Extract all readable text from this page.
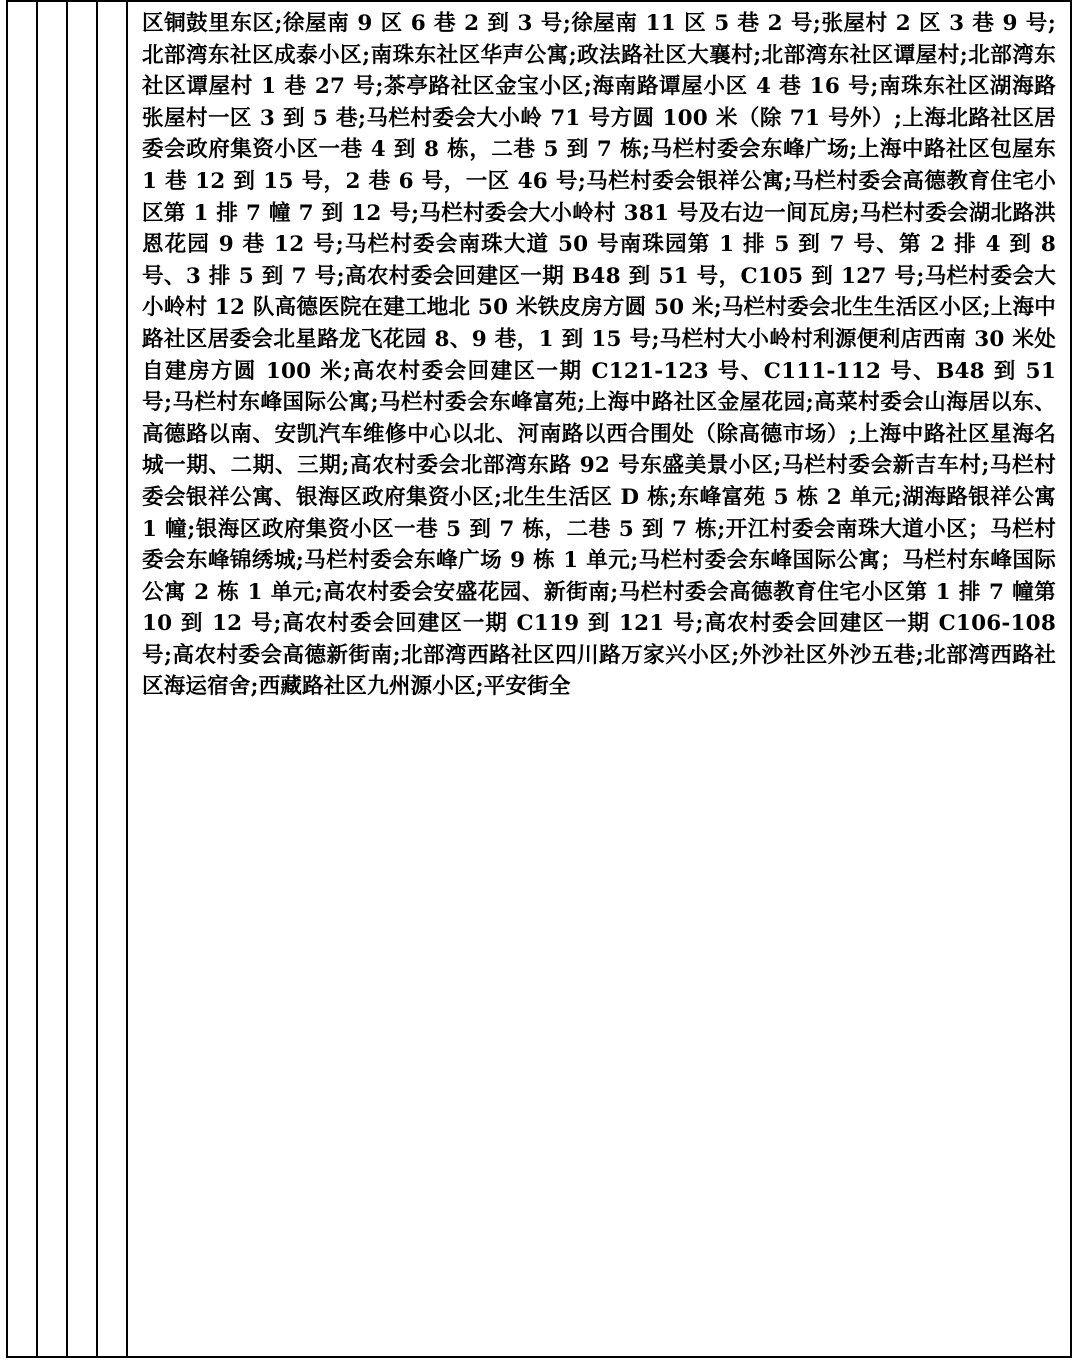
区铜鼓里东区;徐屋南 9 区 6 巷 2 到 3 号;徐屋南 11 区 5 巷 2 号;张屋村 2 区 3 巷 9 号;北部湾东社区成泰小区;南珠东社区华声公寓;政法路社区大襄村;北部湾东社区谭屋村;北部湾东社区谭屋村 1 巷 27 号;茶亭路社区金宝小区;海南路谭屋小区 4 巷 16 号;南珠东社区湖海路张屋村一区 3 到 5 巷;马栏村委会大小岭 71 号方圆 100 米（除 71 号外）;上海北路社区居委会政府集资小区一巷 4 到 8 栋，二巷 5 到 7 栋;马栏村委会东峰广场;上海中路社区包屋东 1 巷 12 到 15 号，2 巷 6 号，一区 46 号;马栏村委会银祥公寓;马栏村委会高德教育住宅小区第 1 排 7 幢 7 到 12 号;马栏村委会大小岭村 381 号及右边一间瓦房;马栏村委会湖北路洪恩花园 9 巷 12 号;马栏村委会南珠大道 50 号南珠园第 1 排 5 到 7 号、第 2 排 4 到 8 号、3 排 5 到 7 号;高农村委会回建区一期 B48 到 51 号，C105 到 127 号;马栏村委会大小岭村 12 队高德医院在建工地北 50 米铁皮房方圆 50 米;马栏村委会北生生活区小区;上海中路社区居委会北星路龙飞花园 8、9 巷，1 到 15 号;马栏村大小岭村利源便利店西南 30 米处自建房方圆 100 米;高农村委会回建区一期 C121-123 号、C111-112 号、B48 到 51 号;马栏村东峰国际公寓;马栏村委会东峰富苑;上海中路社区金屋花园;高菜村委会山海居以东、高德路以南、安凯汽车维修中心以北、河南路以西合围处（除高德市场）;上海中路社区星海名城一期、二期、三期;高农村委会北部湾东路 92 号东盛美景小区;马栏村委会新吉车村;马栏村委会银祥公寓、银海区政府集资小区;北生生活区 D 栋;东峰富苑 5 栋 2 单元;湖海路银祥公寓 1 幢;银海区政府集资小区一巷 5 到 7 栋，二巷 5 到 7 栋;开江村委会南珠大道小区；马栏村委会东峰锦绣城;马栏村委会东峰广场 9 栋 1 单元;马栏村委会东峰国际公寓；马栏村东峰国际公寓 2 栋 1 单元;高农村委会安盛花园、新街南;马栏村委会高德教育住宅小区第 1 排 7 幢第 10 到 12 号;高农村委会回建区一期 C119 到 121 号;高农村委会回建区一期 C106-108 号;高农村委会高德新街南;北部湾西路社区四川路万家兴小区;外沙社区外沙五巷;北部湾西路社区海运宿舍;西藏路社区九州源小区;平安街全
